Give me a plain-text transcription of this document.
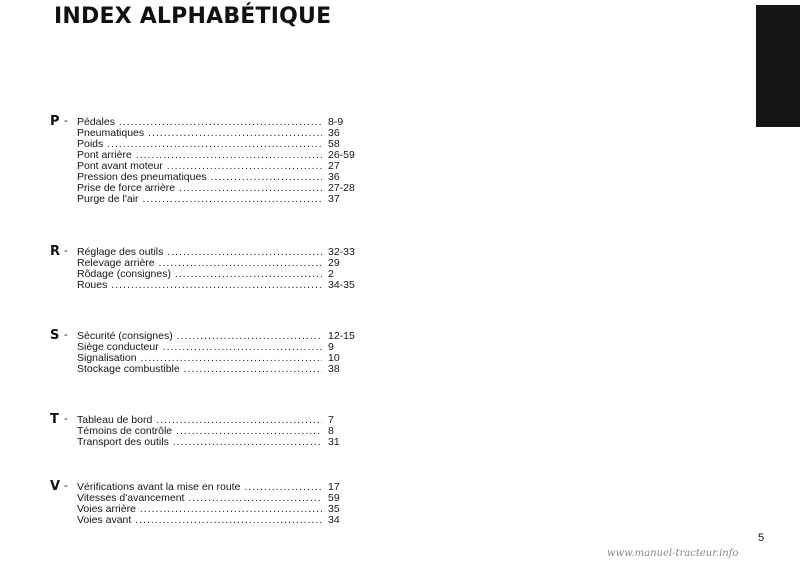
INDEX ALPHABÉTIQUE
P - Pédales .....	8-9
Pneumatiques .....	36
Poids .....	58
Pont arrière .....	26-59
Pont avant moteur .....	27
Pression des pneumatiques .....	36
Prise de force arrière .....	27-28
Purge de l'air .....	37
R - Réglage des outils .....	32-33
Relevage arrière .....	29
Rôdage (consignes) .....	2
Roues .....	34-35
S - Sécurité (consignes) .....	12-15
Siège conducteur .....	9
Signalisation .....	10
Stockage combustible .....	38
T - Tableau de bord .....	7
Témoins de contrôle .....	8
Transport des outils .....	31
V - Vérifications avant la mise en route .....	17
Vitesses d'avancement .....	59
Voies arrière .....	35
Voies avant .....	34
5
www.manuel-tracteur.info
